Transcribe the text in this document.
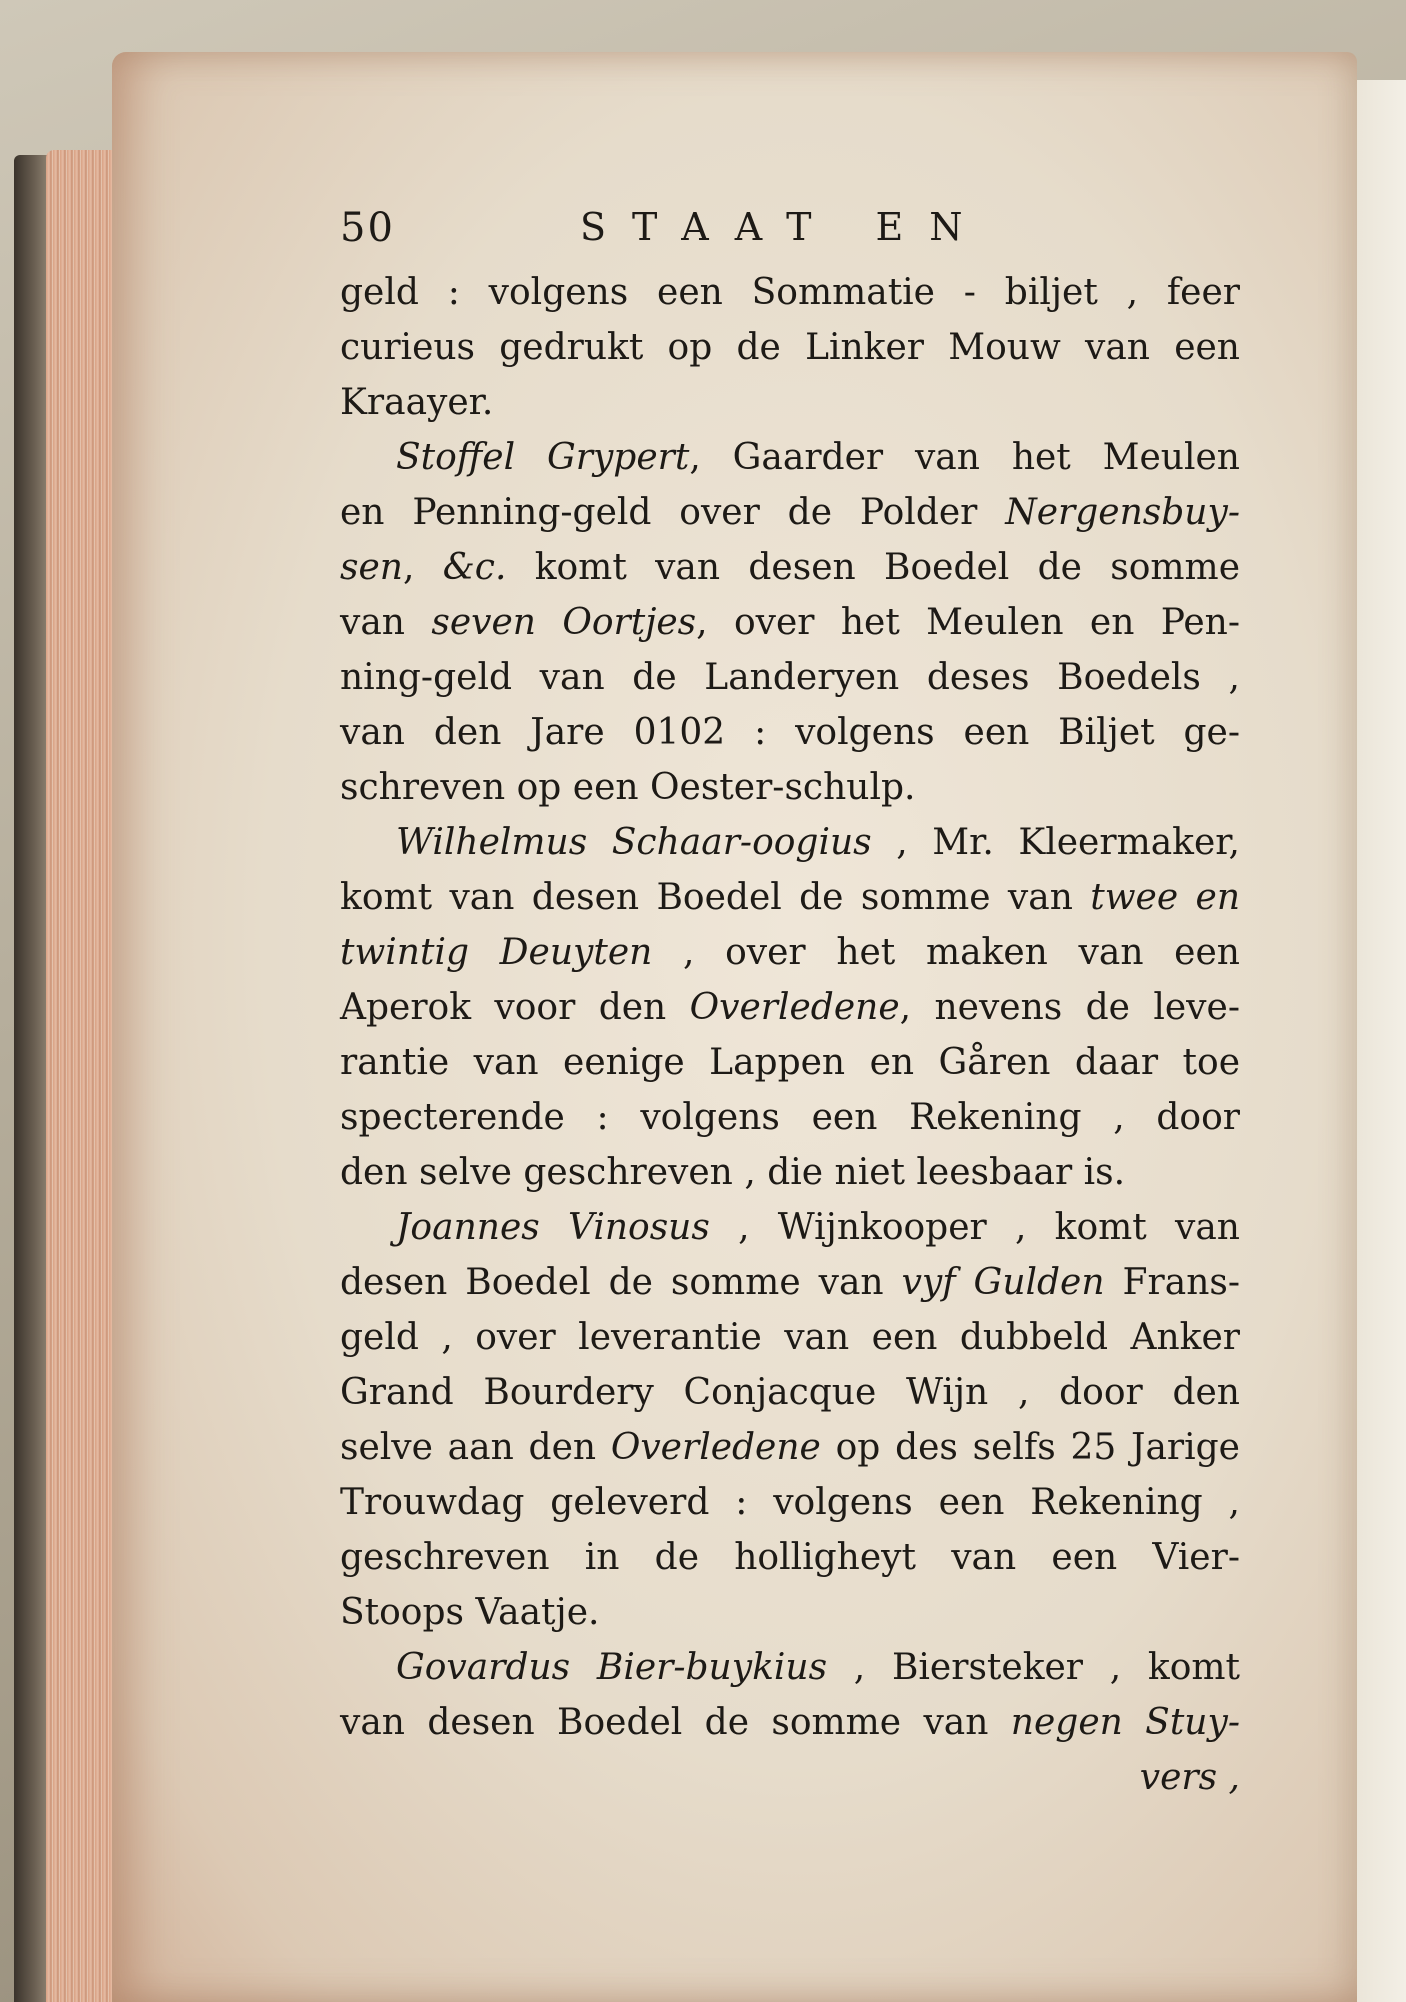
50	STAAT EN
geld : volgens een Sommatie - biljet , feer
curieus gedrukt op de Linker Mouw van een
Kraayer.
Stoffel Grypert, Gaarder van het Meulen
en Penning-geld over de Polder Nergensbuy-
sen, &c. komt van desen Boedel de somme
van seven Oortjes, over het Meulen en Pen-
ning-geld van de Landeryen deses Boedels ,
van den Jare 0102 : volgens een Biljet ge-
schreven op een Oester-schulp.
Wilhelmus Schaar-oogius , Mr. Kleermaker,
komt van desen Boedel de somme van twee en
twintig Deuyten , over het maken van een
Aperok voor den Overledene, nevens de leve-
rantie van eenige Lappen en Gåren daar toe
specterende : volgens een Rekening , door
den selve geschreven , die niet leesbaar is.
Joannes Vinosus , Wijnkooper , komt van
desen Boedel de somme van vyf Gulden Frans-
geld , over leverantie van een dubbeld Anker
Grand Bourdery Conjacque Wijn , door den
selve aan den Overledene op des selfs 25 Jarige
Trouwdag geleverd : volgens een Rekening ,
geschreven in de holligheyt van een Vier-
Stoops Vaatje.
Govardus Bier-buykius , Biersteker , komt
van desen Boedel de somme van negen Stuy-
vers ,
